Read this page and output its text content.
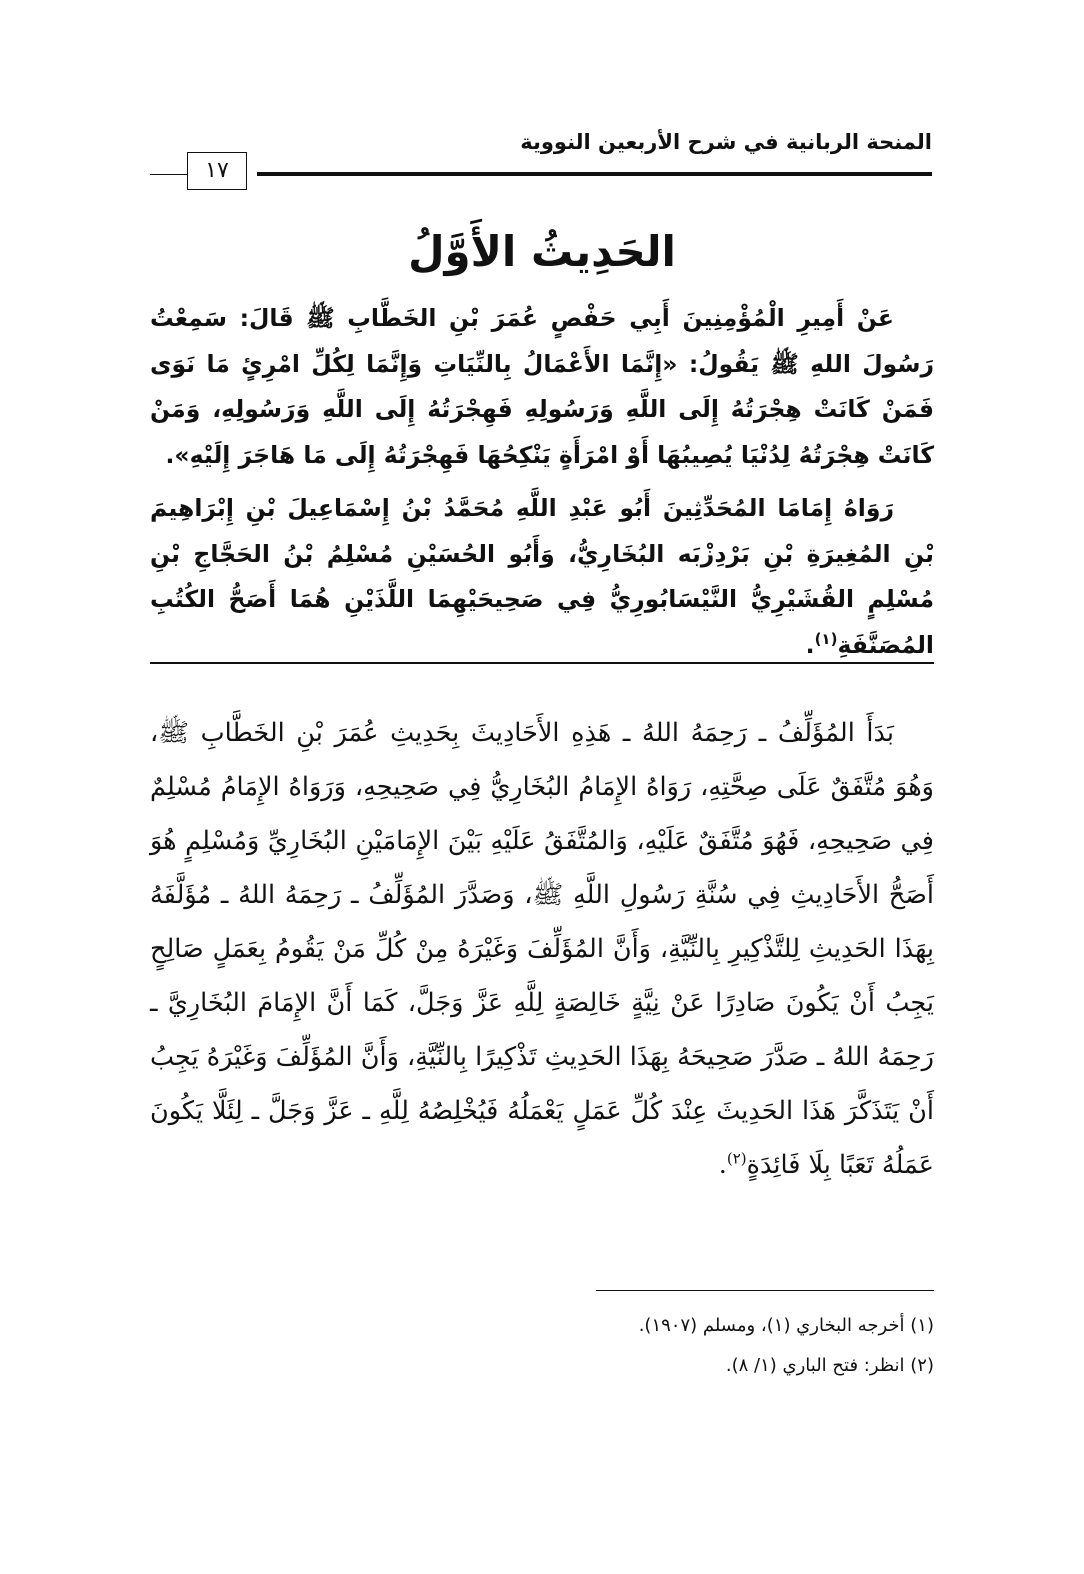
المنحة الربانية في شرح الأربعين النووية
١٧
الحَدِيثُ الأَوَّلُ

عَنْ أَمِيرِ الْمُؤْمِنِينَ أَبِي حَفْصٍ عُمَرَ بْنِ الخَطَّابِ ﷺ قَالَ: سَمِعْتُ رَسُولَ اللهِ ﷺ يَقُولُ: «إِنَّمَا الأَعْمَالُ بِالنِّيَاتِ وَإِنَّمَا لِكُلِّ امْرِئٍ مَا نَوَى فَمَنْ كَانَتْ هِجْرَتُهُ إِلَى اللَّهِ وَرَسُولِهِ فَهِجْرَتُهُ إِلَى اللَّهِ وَرَسُولِهِ، وَمَنْ كَانَتْ هِجْرَتُهُ لِدُنْيَا يُصِيبُهَا أَوْ امْرَأَةٍ يَنْكِحُهَا فَهِجْرَتُهُ إِلَى مَا هَاجَرَ إِلَيْهِ».

رَوَاهُ إِمَامَا المُحَدِّثِينَ أَبُو عَبْدِ اللَّهِ مُحَمَّدُ بْنُ إِسْمَاعِيلَ بْنِ إِبْرَاهِيمَ بْنِ المُغِيرَةِ بْنِ بَرْدِزْبَه البُخَارِيُّ، وَأَبُو الحُسَيْنِ مُسْلِمُ بْنُ الحَجَّاجِ بْنِ مُسْلِمٍ القُشَيْرِيُّ النَّيْسَابُورِيُّ فِي صَحِيحَيْهِمَا اللَّذَيْنِ هُمَا أَصَحُّ الكُتُبِ المُصَنَّفَةِ$^{(١)}$.

بَدَأَ المُؤَلِّفُ ـ رَحِمَهُ اللهُ ـ هَذِهِ الأَحَادِيثَ بِحَدِيثِ عُمَرَ بْنِ الخَطَّابِ ﷺ، وَهُوَ مُتَّفَقٌ عَلَى صِحَّتِهِ، رَوَاهُ الإِمَامُ البُخَارِيُّ فِي صَحِيحِهِ، وَرَوَاهُ الإِمَامُ مُسْلِمٌ فِي صَحِيحِهِ، فَهُوَ مُتَّفَقٌ عَلَيْهِ، وَالمُتَّفَقُ عَلَيْهِ بَيْنَ الإِمَامَيْنِ البُخَارِيِّ وَمُسْلِمٍ هُوَ أَصَحُّ الأَحَادِيثِ فِي سُنَّةِ رَسُولِ اللَّهِ ﷺ، وَصَدَّرَ المُؤَلِّفُ ـ رَحِمَهُ اللهُ ـ مُؤَلَّفَهُ بِهَذَا الحَدِيثِ لِلتَّذْكِيرِ بِالنِّيَّةِ، وَأَنَّ المُؤَلِّفَ وَغَيْرَهُ مِنْ كُلِّ مَنْ يَقُومُ بِعَمَلٍ صَالِحٍ يَجِبُ أَنْ يَكُونَ صَادِرًا عَنْ نِيَّةٍ خَالِصَةٍ لِلَّهِ عَزَّ وَجَلَّ، كَمَا أَنَّ الإِمَامَ البُخَارِيَّ ـ رَحِمَهُ اللهُ ـ صَدَّرَ صَحِيحَهُ بِهَذَا الحَدِيثِ تَذْكِيرًا بِالنِّيَّةِ، وَأَنَّ المُؤَلِّفَ وَغَيْرَهُ يَجِبُ أَنْ يَتَذَكَّرَ هَذَا الحَدِيثَ عِنْدَ كُلِّ عَمَلٍ يَعْمَلُهُ فَيُخْلِصُهُ لِلَّهِ ـ عَزَّ وَجَلَّ ـ لِئَلَّا يَكُونَ عَمَلُهُ تَعَبًا بِلَا فَائِدَةٍ$^{(٢)}$.

(١) أخرجه البخاري (١)، ومسلم (١٩٠٧).
(٢) انظر: فتح الباري (١/ ٨).
